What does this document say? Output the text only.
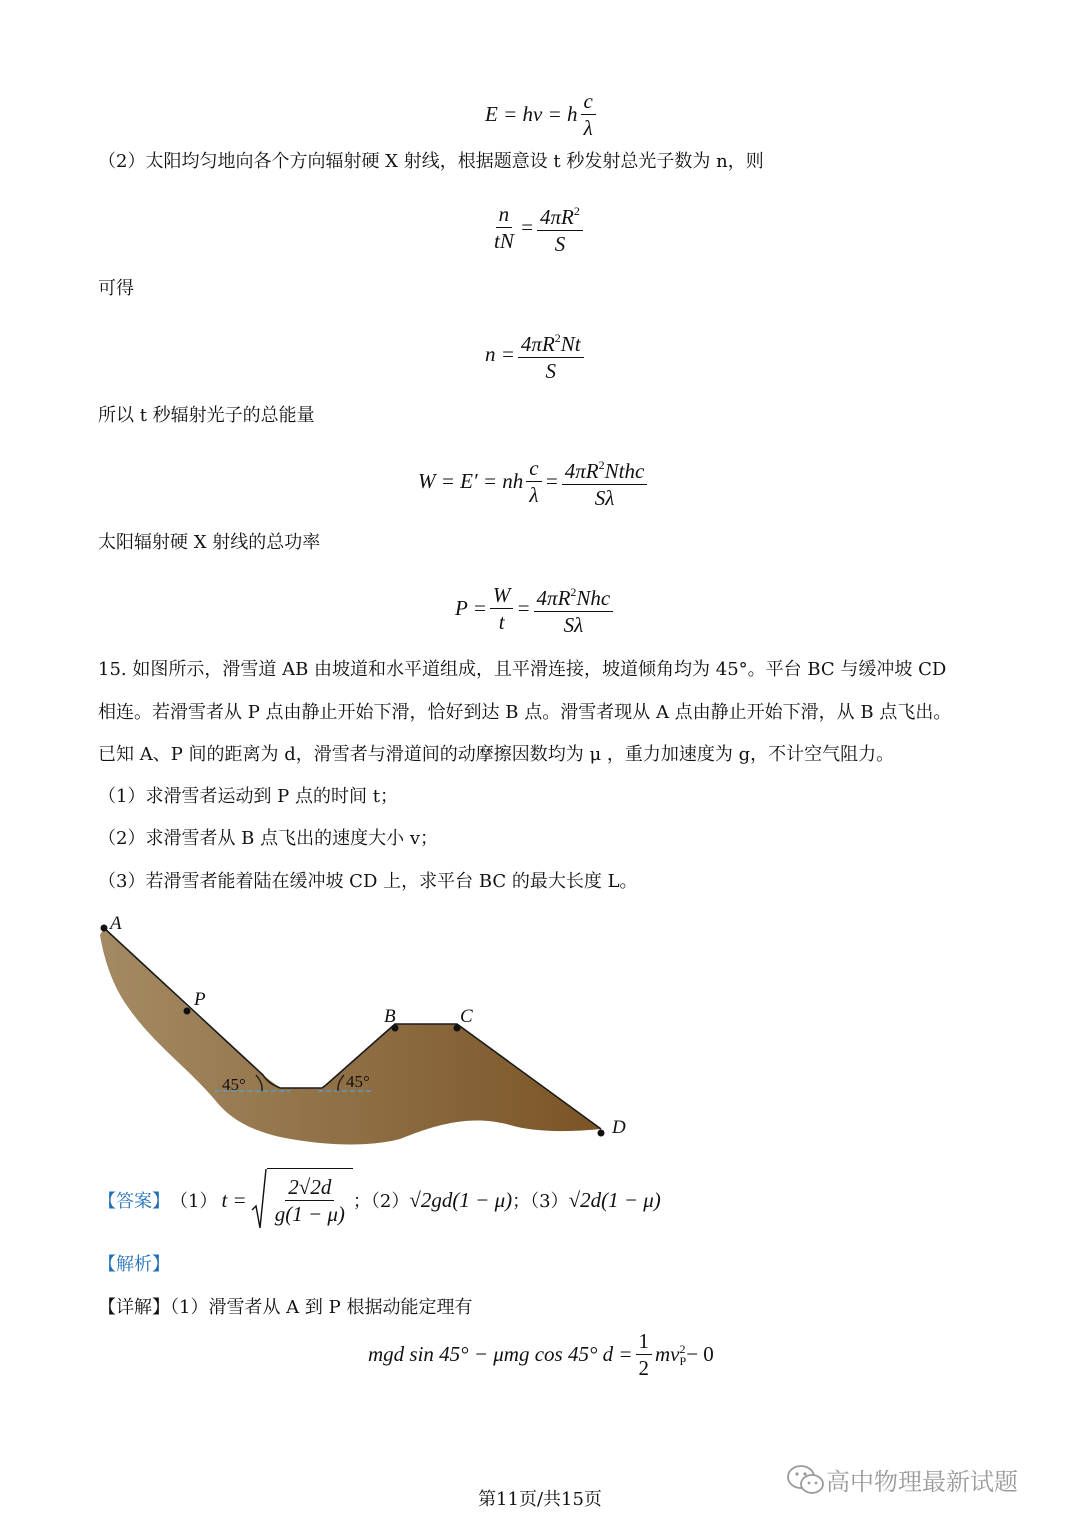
E = hν = h $\frac{c}{\lambda}$
（2）太阳均匀地向各个方向辐射硬 X 射线，根据题意设 t 秒发射总光子数为 n，则
$\frac{n}{tN} = \frac{4\pi R^2}{S}$
可得
$n = \frac{4\pi R^2Nt}{S}$
所以 t 秒辐射光子的总能量
W = E′ = nh $\frac{c}{\lambda} = \frac{4\pi R^2Nthc}{S\lambda}$
太阳辐射硬 X 射线的总功率
$P = \frac{W}{t} = \frac{4\pi R^2Nhc}{S\lambda}$
15. 如图所示，滑雪道 AB 由坡道和水平道组成，且平滑连接，坡道倾角均为 45°。平台 BC 与缓冲坡 CD
相连。若滑雪者从 P 点由静止开始下滑，恰好到达 B 点。滑雪者现从 A 点由静止开始下滑，从 B 点飞出。
已知 A、P 间的距离为 d，滑雪者与滑道间的动摩擦因数均为 μ ，重力加速度为 g，不计空气阻力。
（1）求滑雪者运动到 P 点的时间 t；
（2）求滑雪者从 B 点飞出的速度大小 v；
（3）若滑雪者能着陆在缓冲坡 CD 上，求平台 BC 的最大长度 L。
A
P
B	C
D
45°	45°
【答案】 （1） $t = \frac{2√2d}{g(1 - \mu)}$ ；（2） √2gd(1 − μ) ；（3） √2d(1 − μ)
【解析】
【详解】（1）滑雪者从 A 到 P 根据动能定理有
mgd sin 45° − μmg cos 45° $d = \frac{1}{2}$ mv 2
P − 0
第11页/共15页
高中物理最新试题
